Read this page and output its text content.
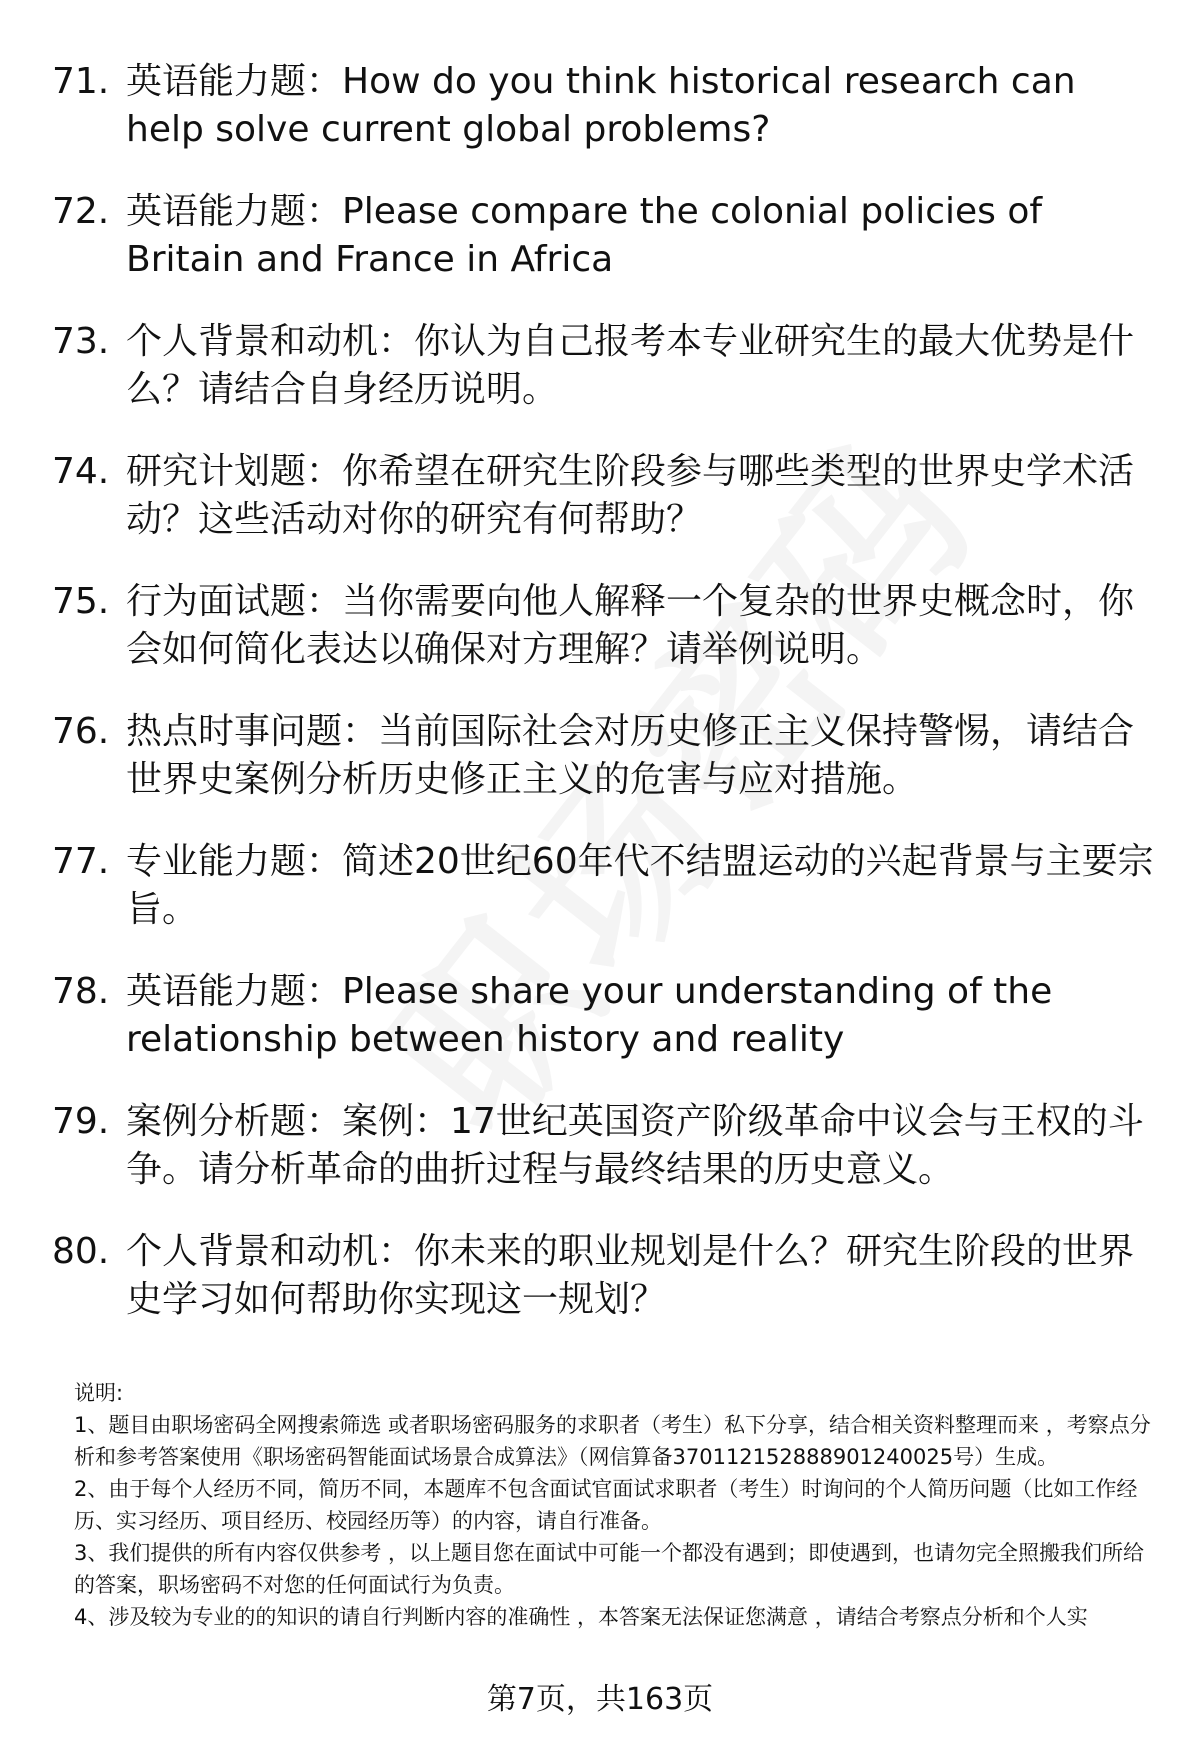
71. 英语能力题：How do you think historical research can help solve current global problems?
72. 英语能力题：Please compare the colonial policies of Britain and France in Africa
73. 个人背景和动机：你认为自己报考本专业研究生的最大优势是什么？请结合自身经历说明。
74. 研究计划题：你希望在研究生阶段参与哪些类型的世界史学术活动？这些活动对你的研究有何帮助？
75. 行为面试题：当你需要向他人解释一个复杂的世界史概念时，你会如何简化表达以确保对方理解？请举例说明。
76. 热点时事问题：当前国际社会对历史修正主义保持警惕，请结合世界史案例分析历史修正主义的危害与应对措施。
77. 专业能力题：简述20世纪60年代不结盟运动的兴起背景与主要宗旨。
78. 英语能力题：Please share your understanding of the relationship between history and reality
79. 案例分析题：案例：17世纪英国资产阶级革命中议会与王权的斗争。请分析革命的曲折过程与最终结果的历史意义。
80. 个人背景和动机：你未来的职业规划是什么？研究生阶段的世界史学习如何帮助你实现这一规划？

说明:

1、题目由职场密码全网搜索筛选 或者职场密码服务的求职者（考生）私下分享，结合相关资料整理而来 ，考察点分析和参考答案使用《职场密码智能面试场景合成算法》（网信算备370112152888901240025号）生成。

2、由于每个人经历不同，简历不同，本题库不包含面试官面试求职者（考生）时询问的个人简历问题（比如工作经历、实习经历、项目经历、校园经历等）的内容，请自行准备。

3、我们提供的所有内容仅供参考 ，以上题目您在面试中可能一个都没有遇到；即使遇到，也请勿完全照搬我们所给的答案，职场密码不对您的任何面试行为负责。

4、涉及较为专业的的知识的请自行判断内容的准确性 ，本答案无法保证您满意 ，请结合考察点分析和个人实

第7页，共163页
